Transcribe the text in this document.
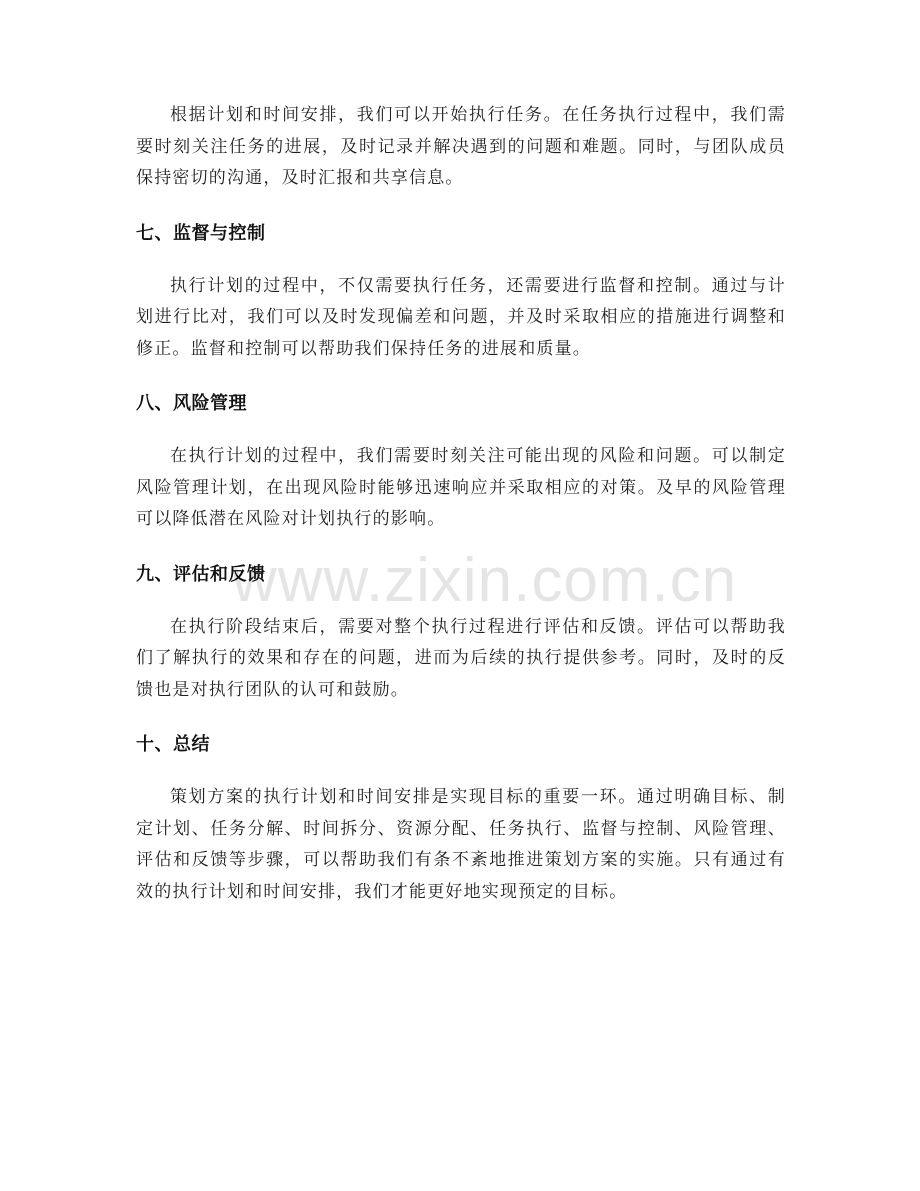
根据计划和时间安排，我们可以开始执行任务。在任务执行过程中，我们需要时刻关注任务的进展，及时记录并解决遇到的问题和难题。同时，与团队成员保持密切的沟通，及时汇报和共享信息。

七、监督与控制

执行计划的过程中，不仅需要执行任务，还需要进行监督和控制。通过与计划进行比对，我们可以及时发现偏差和问题，并及时采取相应的措施进行调整和修正。监督和控制可以帮助我们保持任务的进展和质量。

八、风险管理

在执行计划的过程中，我们需要时刻关注可能出现的风险和问题。可以制定风险管理计划，在出现风险时能够迅速响应并采取相应的对策。及早的风险管理可以降低潜在风险对计划执行的影响。

九、评估和反馈

在执行阶段结束后，需要对整个执行过程进行评估和反馈。评估可以帮助我们了解执行的效果和存在的问题，进而为后续的执行提供参考。同时，及时的反馈也是对执行团队的认可和鼓励。

十、总结

策划方案的执行计划和时间安排是实现目标的重要一环。通过明确目标、制定计划、任务分解、时间拆分、资源分配、任务执行、监督与控制、风险管理、评估和反馈等步骤，可以帮助我们有条不紊地推进策划方案的实施。只有通过有效的执行计划和时间安排，我们才能更好地实现预定的目标。

www.zixin.com.cn
